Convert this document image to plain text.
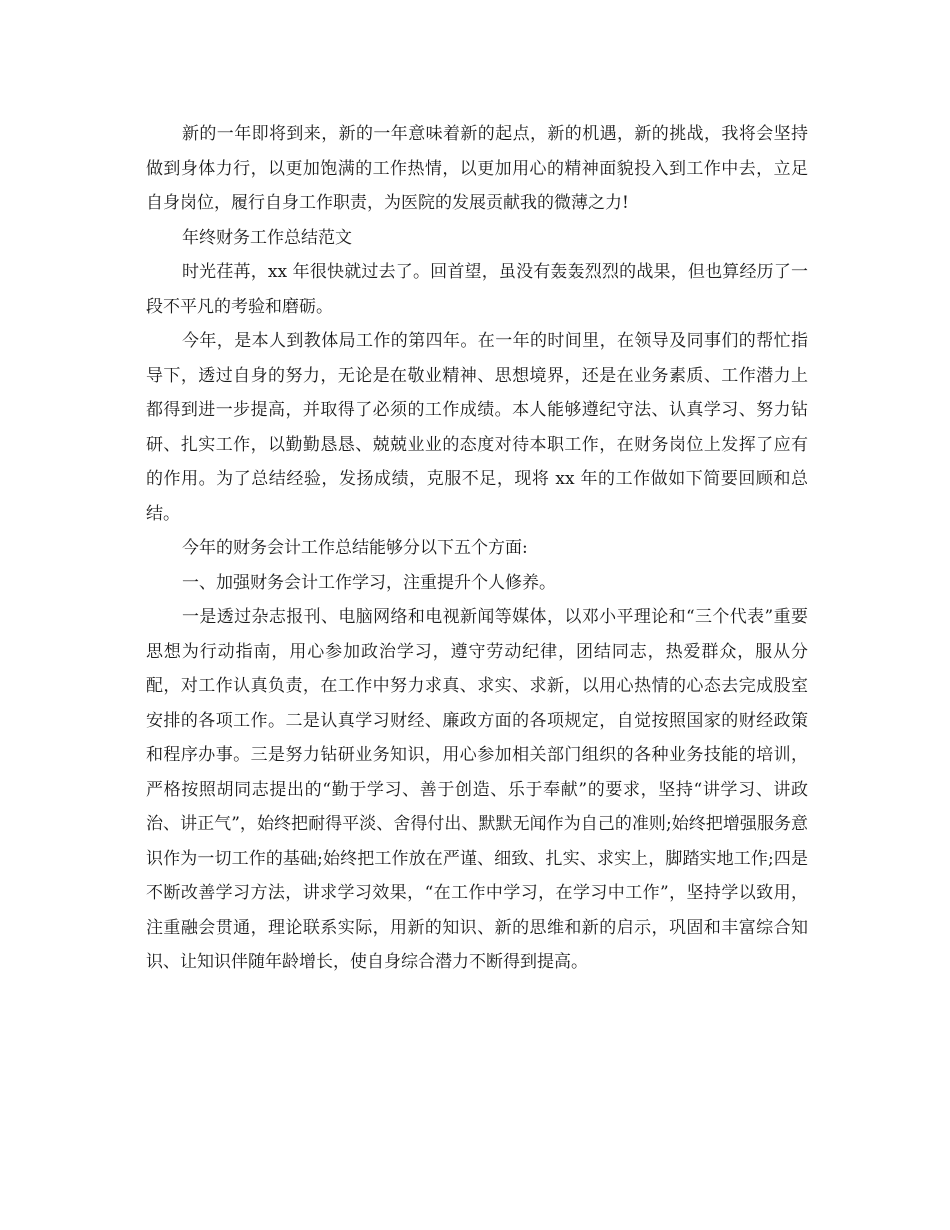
新的一年即将到来，新的一年意味着新的起点，新的机遇，新的挑战，我将会坚持做到身体力行，以更加饱满的工作热情，以更加用心的精神面貌投入到工作中去，立足自身岗位，履行自身工作职责，为医院的发展贡献我的微薄之力!

年终财务工作总结范文

时光荏苒，xx 年很快就过去了。回首望，虽没有轰轰烈烈的战果，但也算经历了一段不平凡的考验和磨砺。

今年，是本人到教体局工作的第四年。在一年的时间里，在领导及同事们的帮忙指导下，透过自身的努力，无论是在敬业精神、思想境界，还是在业务素质、工作潜力上都得到进一步提高，并取得了必须的工作成绩。本人能够遵纪守法、认真学习、努力钻研、扎实工作，以勤勤恳恳、兢兢业业的态度对待本职工作，在财务岗位上发挥了应有的作用。为了总结经验，发扬成绩，克服不足，现将 xx 年的工作做如下简要回顾和总结。

今年的财务会计工作总结能够分以下五个方面:

一、加强财务会计工作学习，注重提升个人修养。

一是透过杂志报刊、电脑网络和电视新闻等媒体，以邓小平理论和“三个代表”重要思想为行动指南，用心参加政治学习，遵守劳动纪律，团结同志，热爱群众，服从分配，对工作认真负责，在工作中努力求真、求实、求新，以用心热情的心态去完成股室安排的各项工作。二是认真学习财经、廉政方面的各项规定，自觉按照国家的财经政策和程序办事。三是努力钻研业务知识，用心参加相关部门组织的各种业务技能的培训，严格按照胡同志提出的“勤于学习、善于创造、乐于奉献”的要求，坚持“讲学习、讲政治、讲正气”，始终把耐得平淡、舍得付出、默默无闻作为自己的准则;始终把增强服务意识作为一切工作的基础;始终把工作放在严谨、细致、扎实、求实上，脚踏实地工作;四是不断改善学习方法，讲求学习效果，“在工作中学习，在学习中工作”，坚持学以致用，注重融会贯通，理论联系实际，用新的知识、新的思维和新的启示，巩固和丰富综合知识、让知识伴随年龄增长，使自身综合潜力不断得到提高。
